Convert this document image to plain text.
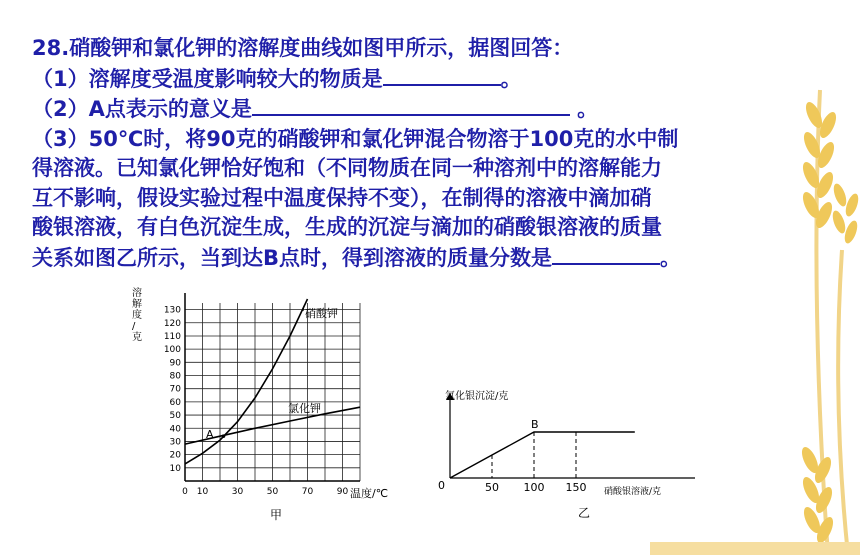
28.硝酸钾和氯化钾的溶解度曲线如图甲所示，据图回答：

（1）溶解度受温度影响较大的物质是	。

（2）A点表示的意义是	。

（3）50℃时，将90克的硝酸钾和氯化钾混合物溶于100克的水中制

得溶液。已知氯化钾恰好饱和（不同物质在同一种溶剂中的溶解能力

互不影响，假设实验过程中温度保持不变），在制得的溶液中滴加硝

酸银溶液，有白色沉淀生成，生成的沉淀与滴加的硝酸银溶液的质量

关系如图乙所示，当到达B点时，得到溶液的质量分数是	。

10
20
30
40
50
60
70
80
90
100
110
120
130
0 10	30	50	70	90
溶解度/克
温度/℃
硝酸钾
氯化钾
A
甲
氯化银沉淀/克
硝酸银溶液/克
0	50 100 150
B
乙
